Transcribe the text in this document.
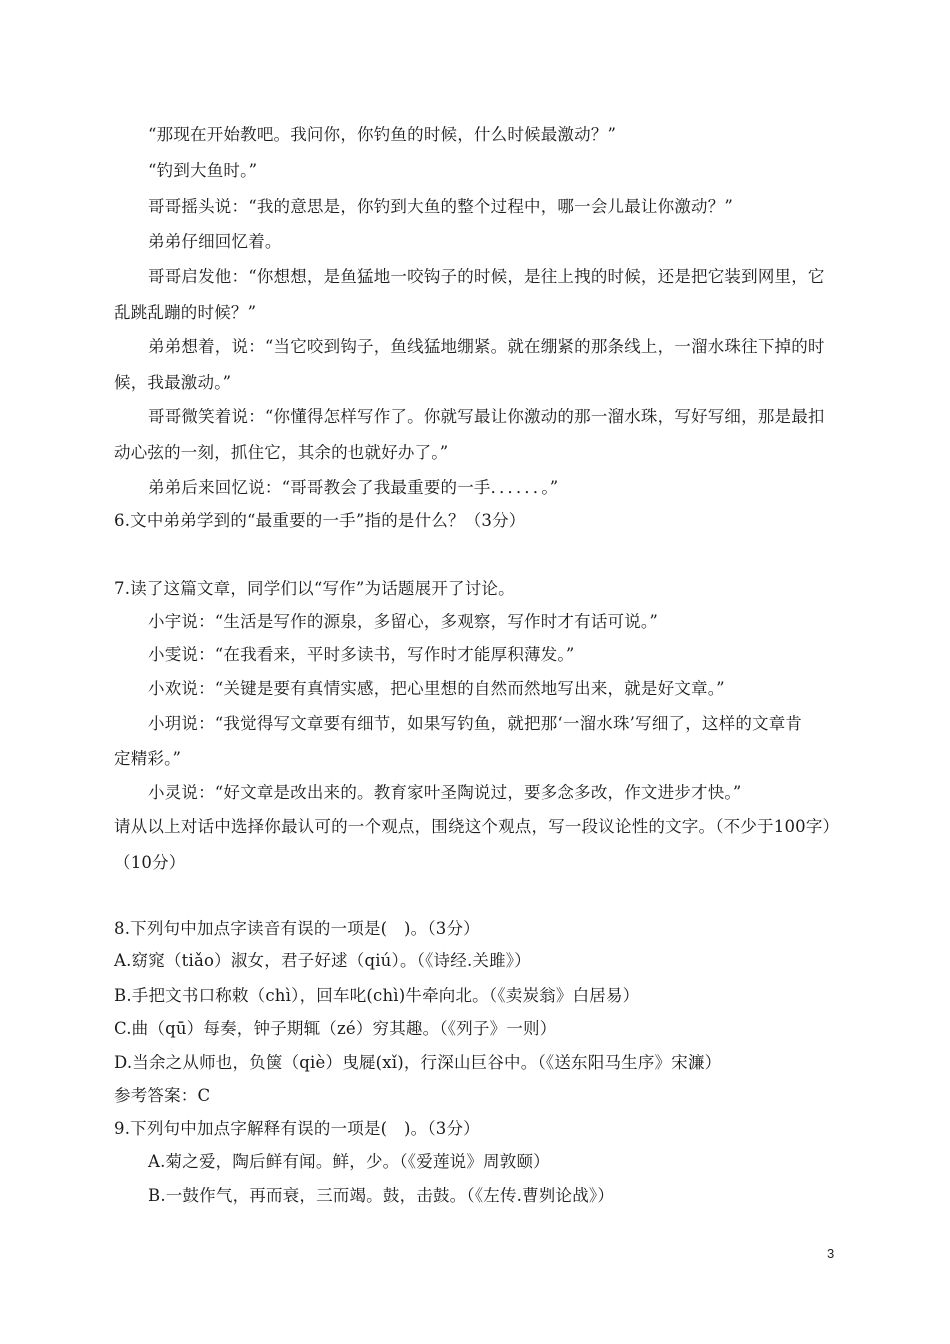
“那现在开始教吧。我问你，你钓鱼的时候，什么时候最激动？”
“钓到大鱼时。”
哥哥摇头说：“我的意思是，你钓到大鱼的整个过程中，哪一会儿最让你激动？”
弟弟仔细回忆着。
哥哥启发他：“你想想，是鱼猛地一咬钩子的时候，是往上拽的时候，还是把它装到网里，它
乱跳乱蹦的时候？”
弟弟想着，说：“当它咬到钩子，鱼线猛地绷紧。就在绷紧的那条线上，一溜水珠往下掉的时
候，我最激动。”
哥哥微笑着说：“你懂得怎样写作了。你就写最让你激动的那一溜水珠，写好写细，那是最扣
动心弦的一刻，抓住它，其余的也就好办了。”
弟弟后来回忆说：“哥哥教会了我最重要的一手．．．．．．。”
6.文中弟弟学到的“最重要的一手”指的是什么？（3分）
7.读了这篇文章，同学们以“写作”为话题展开了讨论。
小宇说：“生活是写作的源泉，多留心，多观察，写作时才有话可说。”
小雯说：“在我看来，平时多读书，写作时才能厚积薄发。”
小欢说：“关键是要有真情实感，把心里想的自然而然地写出来，就是好文章。”
小玥说：“我觉得写文章要有细节，如果写钓鱼，就把那‘一溜水珠’写细了，这样的文章肯
定精彩。”
小灵说：“好文章是改出来的。教育家叶圣陶说过，要多念多改，作文进步才快。”
请从以上对话中选择你最认可的一个观点，围绕这个观点，写一段议论性的文字。（不少于100字）
（10分）
8.下列句中加点字读音有误的一项是(　)。（3分）
A.窈窕（tiǎo）淑女，君子好逑（qiú）。（《诗经.关雎》）
B.手把文书口称敕（chì），回车叱(chì)牛牵向北。（《卖炭翁》白居易）
C.曲（qū）每奏，钟子期辄（zé）穷其趣。（《列子》一则）
D.当余之从师也，负箧（qiè）曳屣(xǐ)，行深山巨谷中。（《送东阳马生序》宋濂）
参考答案：C
9.下列句中加点字解释有误的一项是(　)。（3分）
A.菊之爱，陶后鲜有闻。鲜，少。（《爱莲说》周敦颐）
B.一鼓作气，再而衰，三而竭。鼓，击鼓。（《左传.曹刿论战》）
3
